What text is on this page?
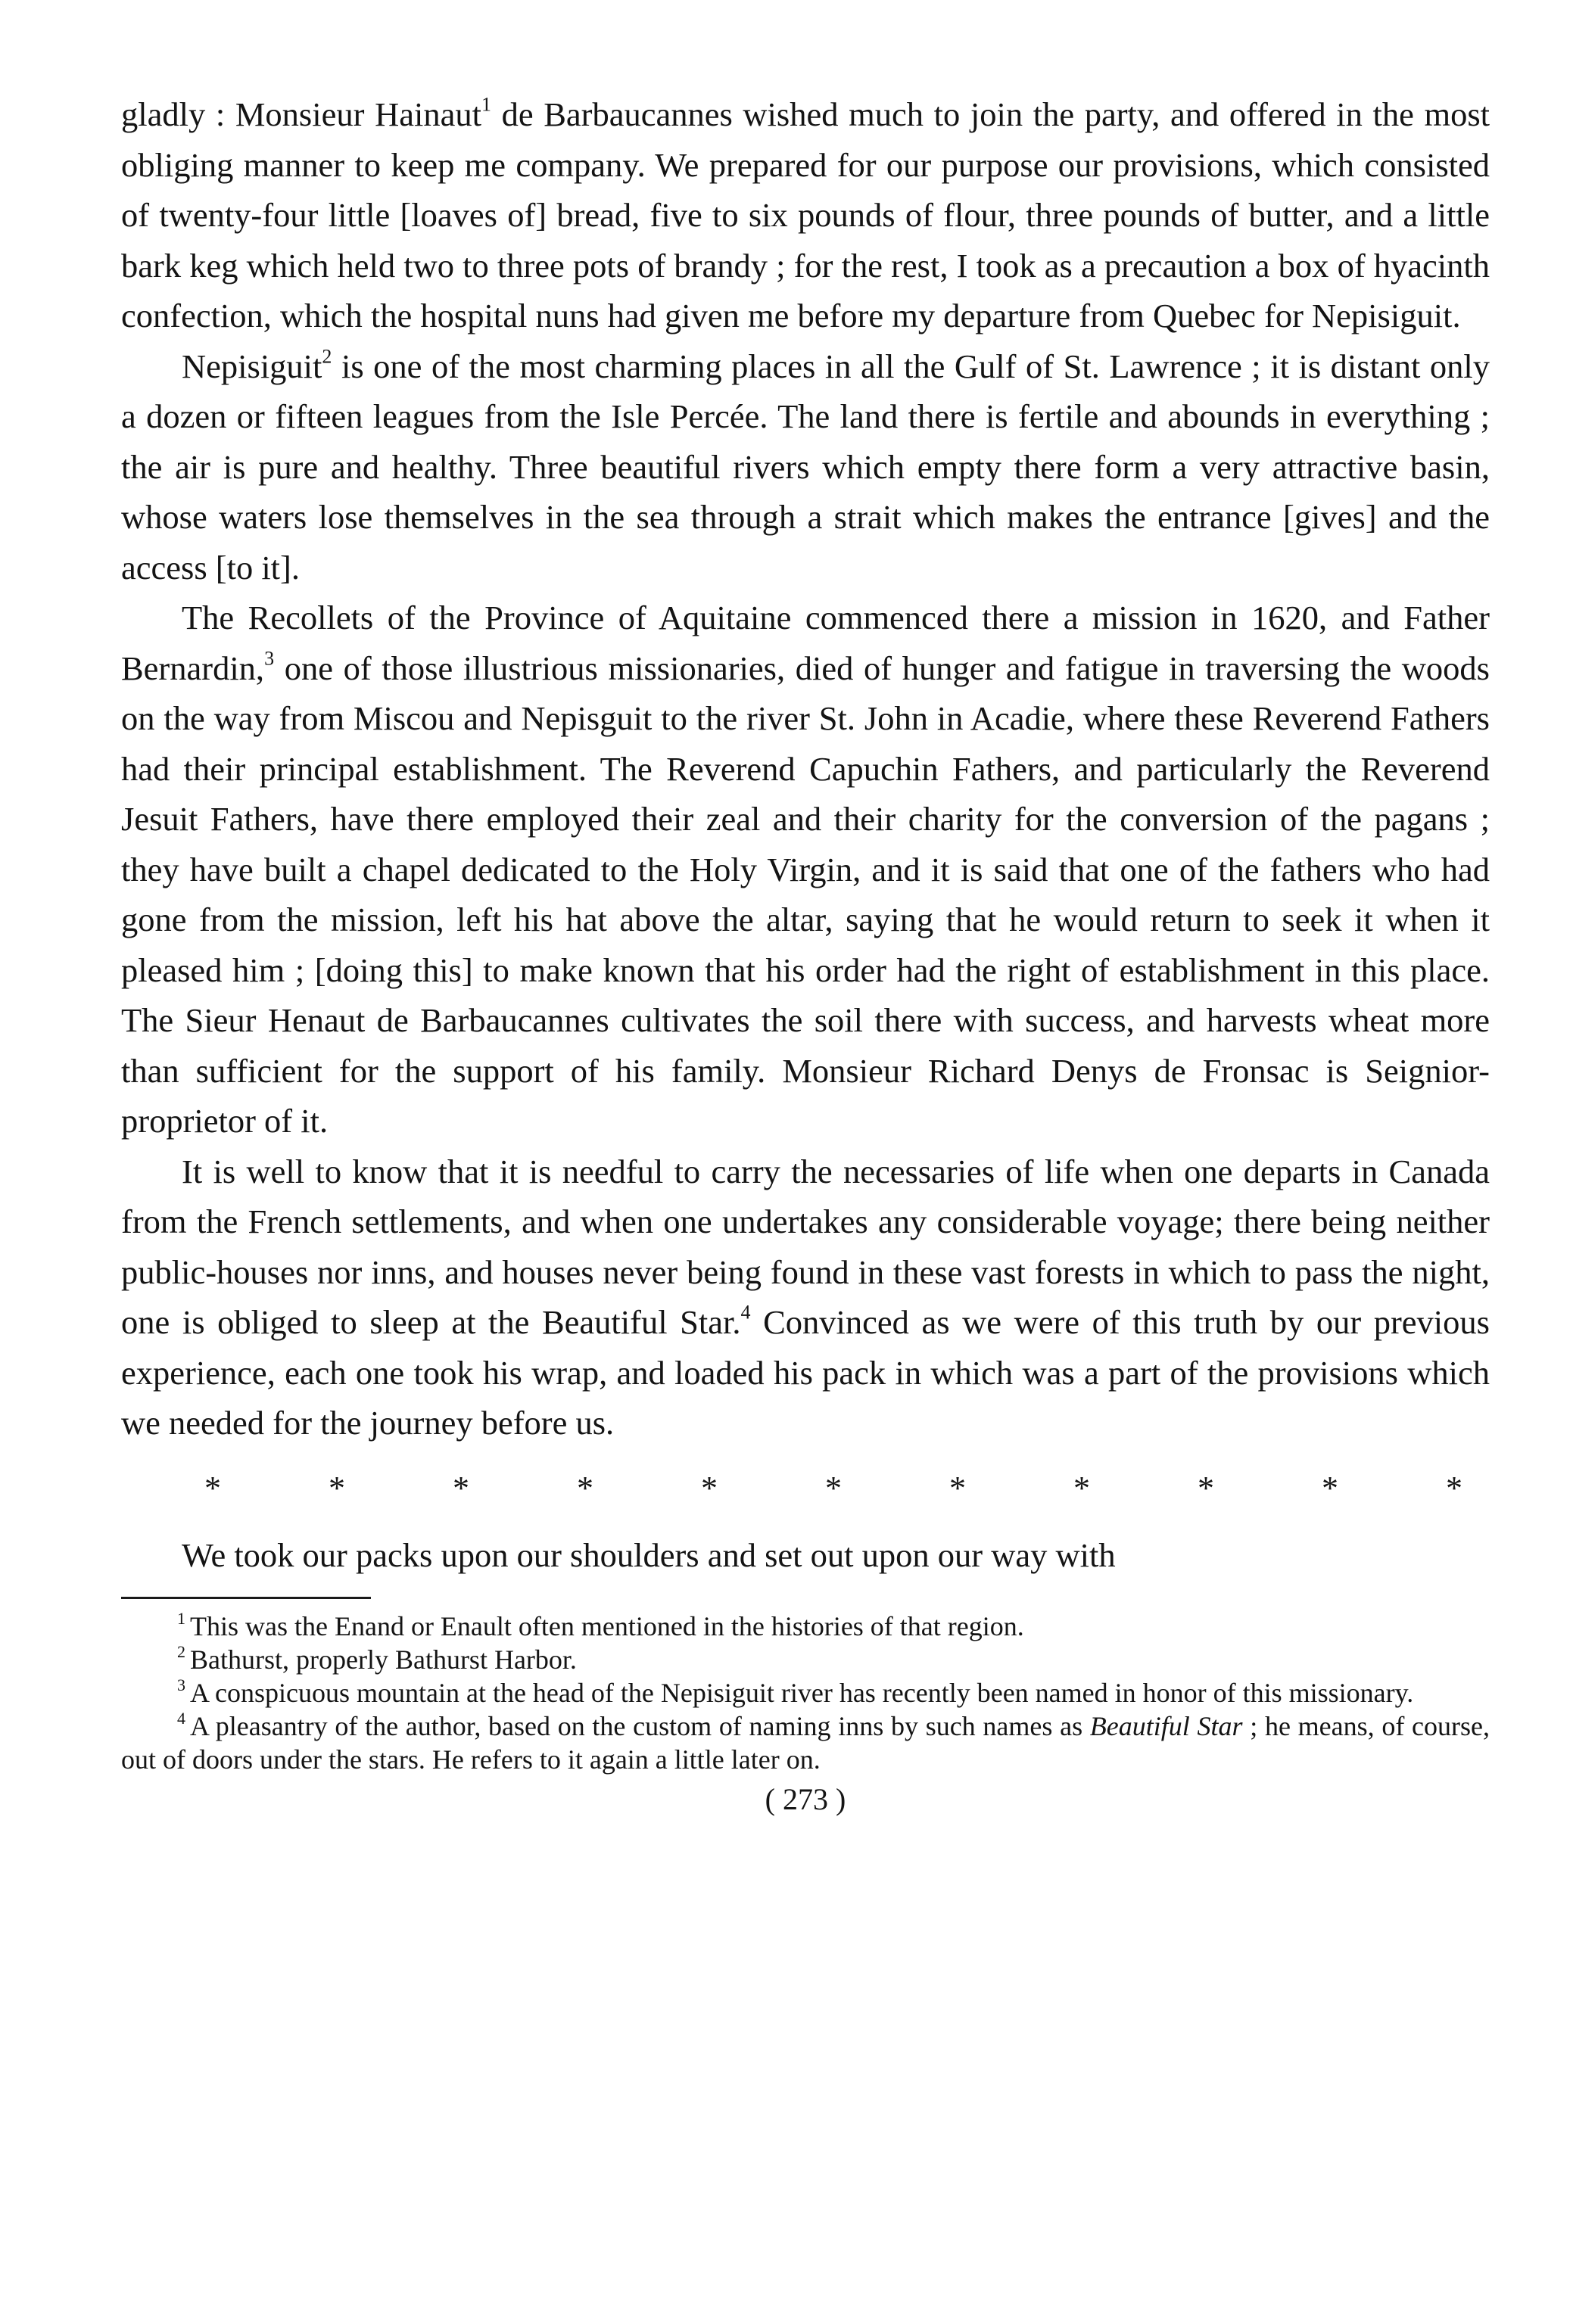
gladly : Monsieur Hainaut$^1$ de Barbaucannes wished much to join the party, and offered in the most obliging manner to keep me company. We prepared for our purpose our provisions, which consisted of twenty-four little [loaves of] bread, five to six pounds of flour, three pounds of butter, and a little bark keg which held two to three pots of brandy ; for the rest, I took as a precaution a box of hyacinth confection, which the hospital nuns had given me before my departure from Quebec for Nepisiguit.

Nepisiguit$^2$ is one of the most charming places in all the Gulf of St. Lawrence ; it is distant only a dozen or fifteen leagues from the Isle Percée. The land there is fertile and abounds in everything ; the air is pure and healthy. Three beautiful rivers which empty there form a very attractive basin, whose waters lose themselves in the sea through a strait which makes the entrance [gives] and the access [to it].

The Recollets of the Province of Aquitaine commenced there a mission in 1620, and Father Bernardin,$^3$ one of those illustrious missionaries, died of hunger and fatigue in traversing the woods on the way from Miscou and Nepisguit to the river St. John in Acadie, where these Reverend Fathers had their principal establishment. The Reverend Capuchin Fathers, and particularly the Reverend Jesuit Fathers, have there employed their zeal and their charity for the conversion of the pagans ; they have built a chapel dedicated to the Holy Virgin, and it is said that one of the fathers who had gone from the mission, left his hat above the altar, saying that he would return to seek it when it pleased him ; [doing this] to make known that his order had the right of establishment in this place. The Sieur Henaut de Barbaucannes cultivates the soil there with success, and harvests wheat more than sufficient for the support of his family. Monsieur Richard Denys de Fronsac is Seignior-proprietor of it.

It is well to know that it is needful to carry the necessaries of life when one departs in Canada from the French settlements, and when one undertakes any considerable voyage; there being neither public-houses nor inns, and houses never being found in these vast forests in which to pass the night, one is obliged to sleep at the Beautiful Star.$^4$ Convinced as we were of this truth by our previous experience, each one took his wrap, and loaded his pack in which was a part of the provisions which we needed for the journey before us.

*	*	*	*	*	*	*	*	*	*	*

We took our packs upon our shoulders and set out upon our way with

$^1$ This was the Enand or Enault often mentioned in the histories of that region.

$^2$ Bathurst, properly Bathurst Harbor.

$^3$ A conspicuous mountain at the head of the Nepisiguit river has recently been named in honor of this missionary.

$^4$ A pleasantry of the author, based on the custom of naming inns by such names as Beautiful Star ; he means, of course, out of doors under the stars. He refers to it again a little later on.

( 273 )
